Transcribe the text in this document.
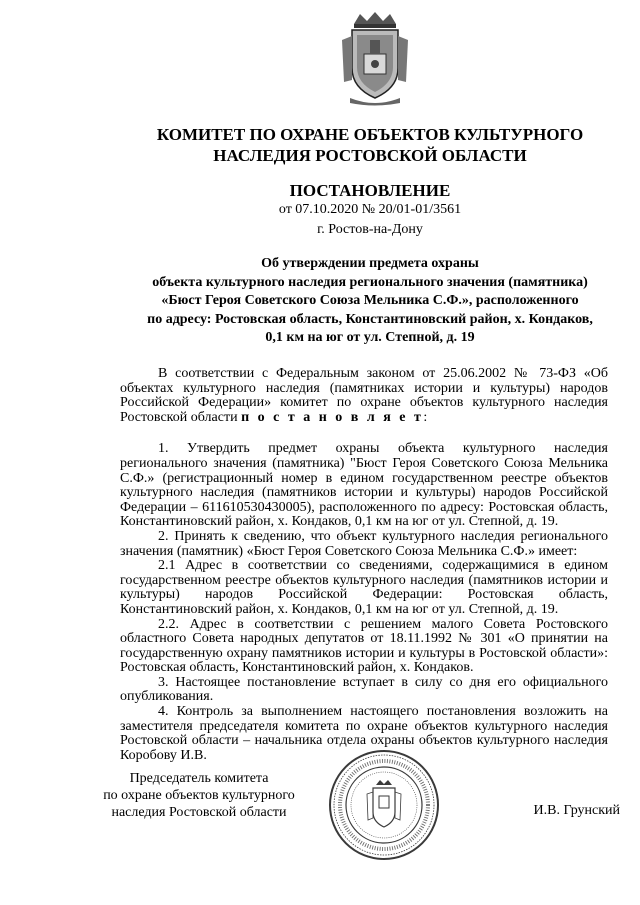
КОМИТЕТ ПО ОХРАНЕ ОБЪЕКТОВ КУЛЬТУРНОГО
НАСЛЕДИЯ РОСТОВСКОЙ ОБЛАСТИ
ПОСТАНОВЛЕНИЕ
от 07.10.2020 № 20/01-01/3561
г. Ростов-на-Дону
Об утверждении предмета охраны
объекта культурного наследия регионального значения (памятника)
«Бюст Героя Советского Союза Мельника С.Ф.», расположенного
по адресу: Ростовская область, Константиновский район, х. Кондаков,
0,1 км на юг от ул. Степной, д. 19

В соответствии с Федеральным законом от 25.06.2002 № 73-ФЗ «Об объектах культурного наследия (памятниках истории и культуры) народов Российской Федерации» комитет по охране объектов культурного наследия Ростовской области п о с т а н о в л я е т:

1. Утвердить предмет охраны объекта культурного наследия регионального значения (памятника) "Бюст Героя Советского Союза Мельника С.Ф.» (регистрационный номер в едином государственном реестре объектов культурного наследия (памятников истории и культуры) народов Российской Федерации – 611610530430005), расположенного по адресу: Ростовская область, Константиновский район, х. Кондаков, 0,1 км на юг от ул. Степной, д. 19.

2. Принять к сведению, что объект культурного наследия регионального значения (памятник) «Бюст Героя Советского Союза Мельника С.Ф.» имеет:

2.1 Адрес в соответствии со сведениями, содержащимися в едином государственном реестре объектов культурного наследия (памятников истории и культуры) народов Российской Федерации: Ростовская область, Константиновский район, х. Кондаков, 0,1 км на юг от ул. Степной, д. 19.

2.2. Адрес в соответствии с решением малого Совета Ростовского областного Совета народных депутатов от 18.11.1992 № 301 «О принятии на государственную охрану памятников истории и культуры в Ростовской области»: Ростовская область, Константиновский район, х. Кондаков.

3. Настоящее постановление вступает в силу со дня его официального опубликования.

4. Контроль за выполнением настоящего постановления возложить на заместителя председателя комитета по охране объектов культурного наследия Ростовской области – начальника отдела охраны объектов культурного наследия Коробову И.В.

Председатель комитета
по охране объектов культурного
наследия Ростовской области	И.В. Грунский
